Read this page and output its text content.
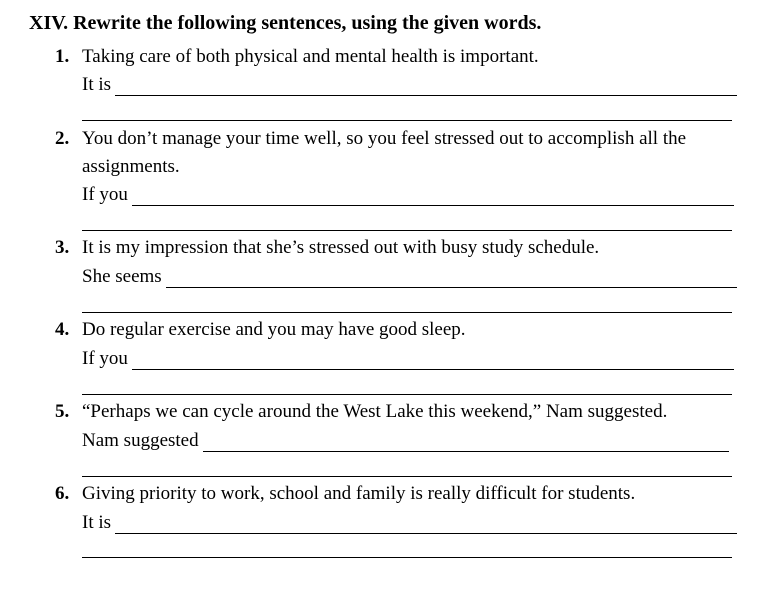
XIV. Rewrite the following sentences, using the given words.
1. Taking care of both physical and mental health is important.
It is
2. You don’t manage your time well, so you feel stressed out to accomplish all the
assignments.
If you
3. It is my impression that she’s stressed out with busy study schedule.
She seems
4. Do regular exercise and you may have good sleep.
If you
5. “Perhaps we can cycle around the West Lake this weekend,” Nam suggested.
Nam suggested
6. Giving priority to work, school and family is really difficult for students.
It is
